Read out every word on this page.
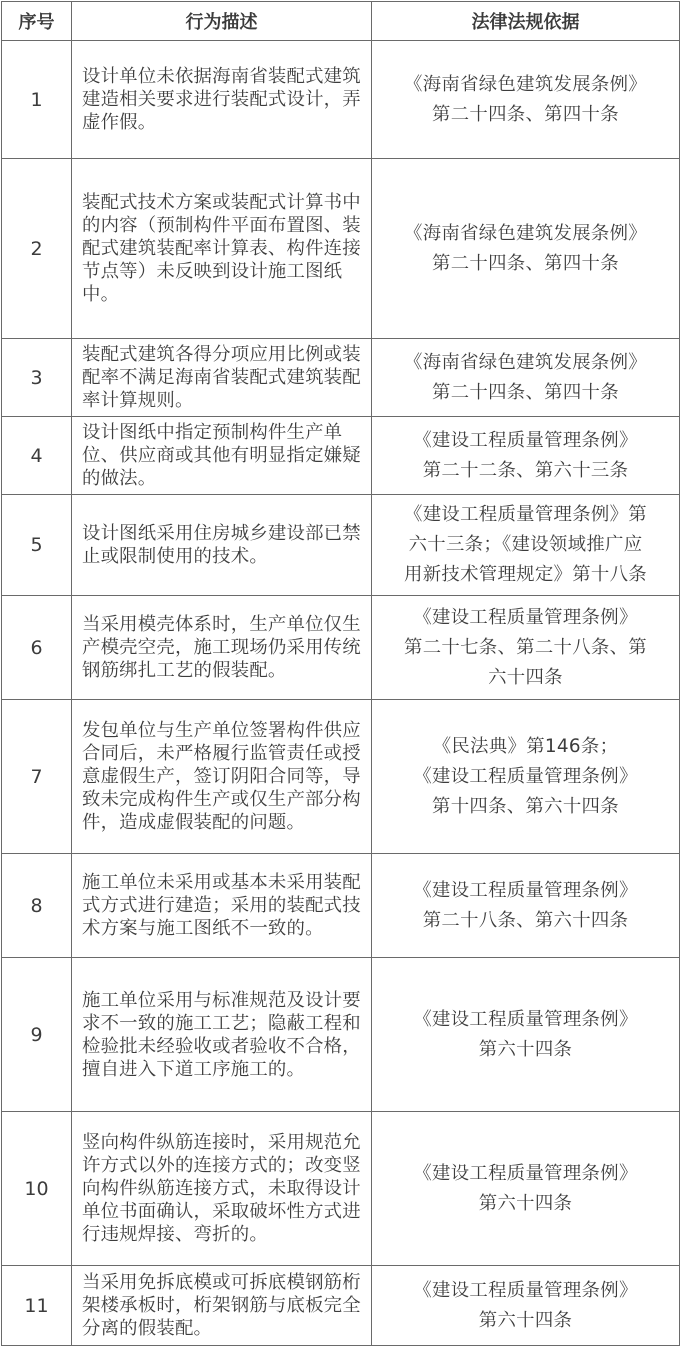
序号	行为描述	法律法规依据
1	设计单位未依据海南省装配式建筑建造相关要求进行装配式设计，弄虚作假。	《海南省绿色建筑发展条例》
第二十四条、第四十条

2	装配式技术方案或装配式计算书中的内容（预制构件平面布置图、装配式建筑装配率计算表、构件连接节点等）未反映到设计施工图纸中。	《海南省绿色建筑发展条例》
第二十四条、第四十条

3	装配式建筑各得分项应用比例或装配率不满足海南省装配式建筑装配率计算规则。	《海南省绿色建筑发展条例》
第二十四条、第四十条

4	设计图纸中指定预制构件生产单位、供应商或其他有明显指定嫌疑的做法。	《建设工程质量管理条例》
第二十二条、第六十三条

5	设计图纸采用住房城乡建设部已禁止或限制使用的技术。	《建设工程质量管理条例》第
六十三条；《建设领域推广应
用新技术管理规定》第十八条

6	当采用模壳体系时，生产单位仅生产模壳空壳，施工现场仍采用传统钢筋绑扎工艺的假装配。	《建设工程质量管理条例》
第二十七条、第二十八条、第
六十四条

7	发包单位与生产单位签署构件供应合同后，未严格履行监管责任或授意虚假生产，签订阴阳合同等，导致未完成构件生产或仅生产部分构件，造成虚假装配的问题。	《民法典》第146条；
《建设工程质量管理条例》
第十四条、第六十四条

8	施工单位未采用或基本未采用装配式方式进行建造；采用的装配式技术方案与施工图纸不一致的。	《建设工程质量管理条例》
第二十八条、第六十四条

9	施工单位采用与标准规范及设计要求不一致的施工工艺；隐蔽工程和检验批未经验收或者验收不合格，擅自进入下道工序施工的。	《建设工程质量管理条例》
第六十四条

10	竖向构件纵筋连接时，采用规范允许方式以外的连接方式的；改变竖向构件纵筋连接方式，未取得设计单位书面确认，采取破坏性方式进行违规焊接、弯折的。	《建设工程质量管理条例》
第六十四条

11	当采用免拆底模或可拆底模钢筋桁架楼承板时，桁架钢筋与底板完全分离的假装配。	《建设工程质量管理条例》
第六十四条
